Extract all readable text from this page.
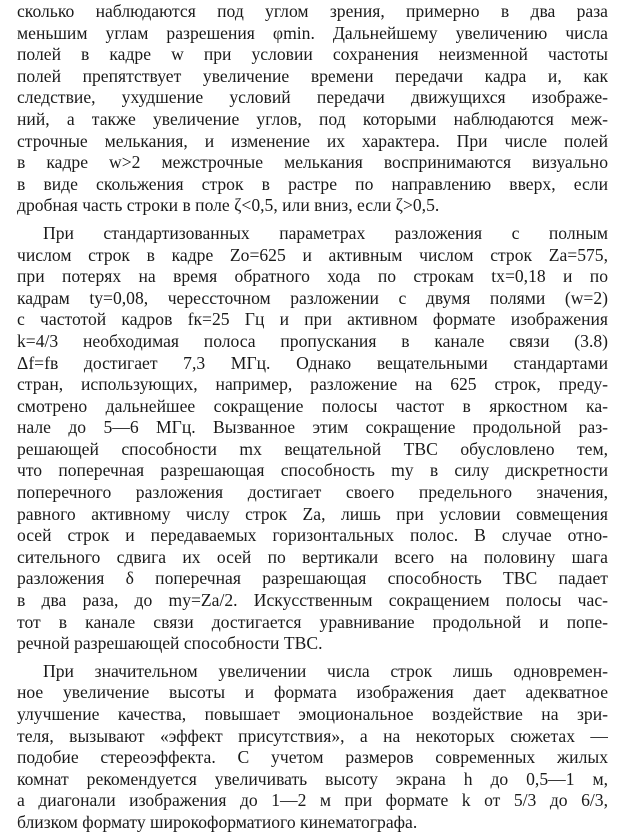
сколько наблюдаются под углом зрения, примерно в два раза
меньшим углам разрешения φmin. Дальнейшему увеличению числа
полей в кадре w при условии сохранения неизменной частоты
полей препятствует увеличение времени передачи кадра и, как
следствие, ухудшение условий передачи движущихся изображе-
ний, а также увеличение углов, под которыми наблюдаются меж-
строчные мелькания, и изменение их характера. При числе полей
в кадре w>2 межстрочные мелькания воспринимаются визуально
в виде скольжения строк в растре по направлению вверх, если
дробная часть строки в поле ζ<0,5, или вниз, если ζ>0,5.
При стандартизованных параметрах разложения с полным
числом строк в кадре Zo=625 и активным числом строк Za=575,
при потерях на время обратного хода по строкам tx=0,18 и по
кадрам ty=0,08, черессточном разложении с двумя полями (w=2)
с частотой кадров fк=25 Гц и при активном формате изображения
k=4/3 необходимая полоса пропускания в канале связи (3.8)
Δf=fв достигает 7,3 МГц. Однако вещательными стандартами
стран, использующих, например, разложение на 625 строк, преду-
смотрено дальнейшее сокращение полосы частот в яркостном ка-
нале до 5—6 МГц. Вызванное этим сокращение продольной раз-
решающей способности mx вещательной ТВС обусловлено тем,
что поперечная разрешающая способность my в силу дискретности
поперечного разложения достигает своего предельного значения,
равного активному числу строк Za, лишь при условии совмещения
осей строк и передаваемых горизонтальных полос. В случае отно-
сительного сдвига их осей по вертикали всего на половину шага
разложения δ поперечная разрешающая способность ТВС падает
в два раза, до my=Za/2. Искусственным сокращением полосы час-
тот в канале связи достигается уравнивание продольной и попе-
речной разрешающей способности ТВС.
При значительном увеличении числа строк лишь одновремен-
ное увеличение высоты и формата изображения дает адекватное
улучшение качества, повышает эмоциональное воздействие на зри-
теля, вызывают «эффект присутствия», а на некоторых сюжетах —
подобие стереоэффекта. С учетом размеров современных жилых
комнат рекомендуется увеличивать высоту экрана h до 0,5—1 м,
а диагонали изображения до 1—2 м при формате k от 5/3 до 6/3,
близком формату широкоформатиого кинематографа.
